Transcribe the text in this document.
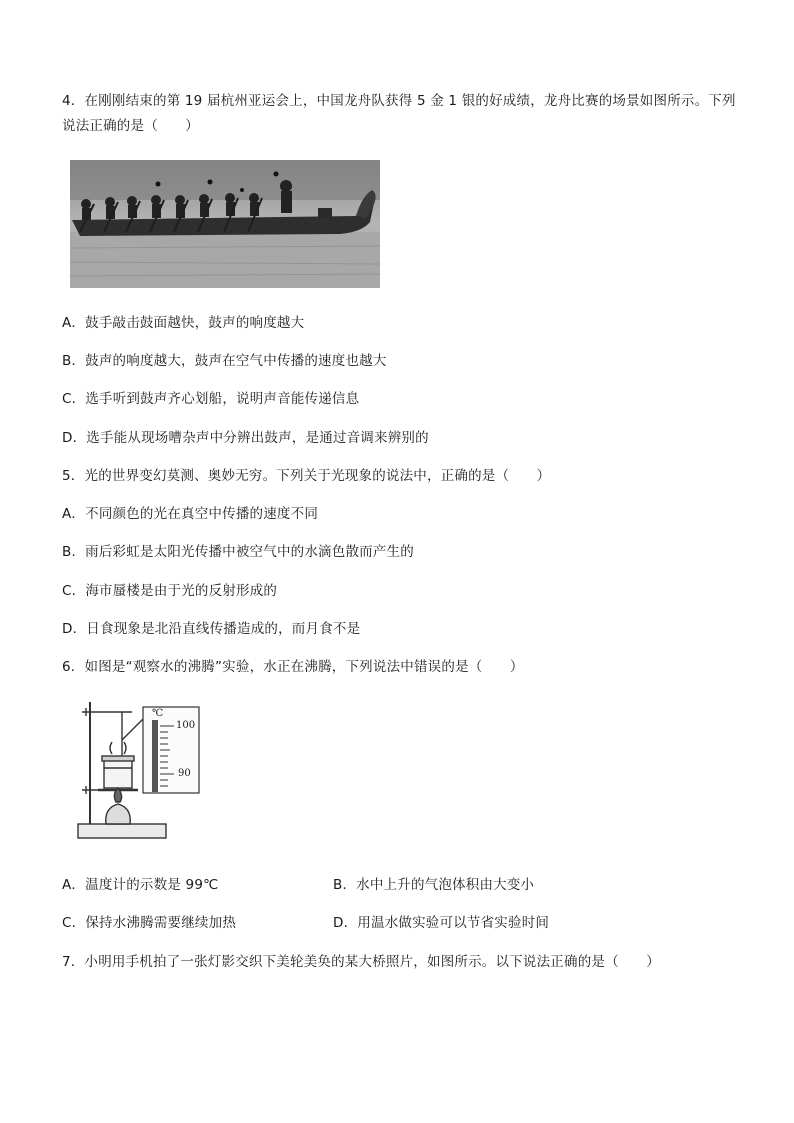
4．在刚刚结束的第 19 届杭州亚运会上，中国龙舟队获得 5 金 1 银的好成绩，龙舟比赛的场景如图所示。下列
说法正确的是（　　）
A．鼓手敲击鼓面越快，鼓声的响度越大
B．鼓声的响度越大，鼓声在空气中传播的速度也越大
C．选手听到鼓声齐心划船，说明声音能传递信息
D．选手能从现场嘈杂声中分辨出鼓声，是通过音调来辨别的
5．光的世界变幻莫测、奥妙无穷。下列关于光现象的说法中，正确的是（　　）
A．不同颜色的光在真空中传播的速度不同
B．雨后彩虹是太阳光传播中被空气中的水滴色散而产生的
C．海市蜃楼是由于光的反射形成的
D．日食现象是北沿直线传播造成的，而月食不是
6．如图是“观察水的沸腾”实验，水正在沸腾，下列说法中错误的是（　　）
℃
100
90
A．温度计的示数是 99℃	B．水中上升的气泡体积由大变小
C．保持水沸腾需要继续加热	D．用温水做实验可以节省实验时间
7．小明用手机拍了一张灯影交织下美轮美奂的某大桥照片，如图所示。以下说法正确的是（　　）
